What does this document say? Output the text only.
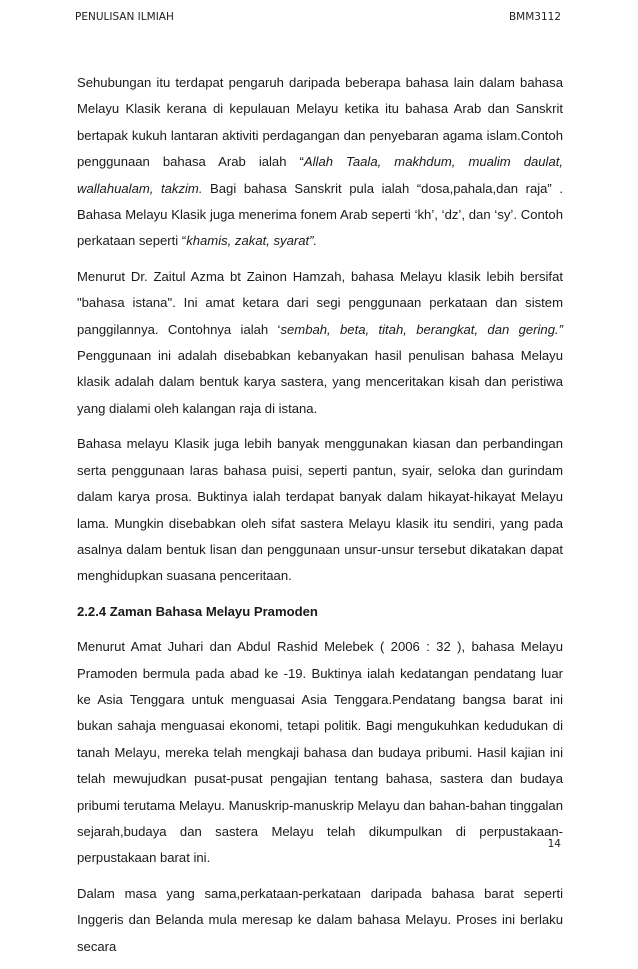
PENULISAN ILMIAH	BMM3112

Sehubungan itu terdapat pengaruh daripada beberapa bahasa lain dalam bahasa Melayu Klasik kerana di kepulauan Melayu ketika itu bahasa Arab dan Sanskrit bertapak kukuh lantaran aktiviti perdagangan dan penyebaran agama islam.Contoh penggunaan bahasa Arab ialah “Allah Taala, makhdum, mualim daulat, wallahualam, takzim. Bagi bahasa Sanskrit pula ialah “dosa,pahala,dan raja” . Bahasa Melayu Klasik juga menerima fonem Arab seperti ‘kh’, ‘dz’, dan ‘sy’. Contoh perkataan seperti “khamis, zakat, syarat”.

Menurut Dr. Zaitul Azma bt Zainon Hamzah, bahasa Melayu klasik lebih bersifat "bahasa istana". Ini amat ketara dari segi penggunaan perkataan dan sistem panggilannya. Contohnya ialah ‘sembah, beta, titah, berangkat, dan gering.” Penggunaan ini adalah disebabkan kebanyakan hasil penulisan bahasa Melayu klasik adalah dalam bentuk karya sastera, yang menceritakan kisah dan peristiwa yang dialami oleh kalangan raja di istana.

Bahasa melayu Klasik juga lebih banyak menggunakan kiasan dan perbandingan serta penggunaan laras bahasa puisi, seperti pantun, syair, seloka dan gurindam dalam karya prosa. Buktinya ialah terdapat banyak dalam hikayat-hikayat Melayu lama. Mungkin disebabkan oleh sifat sastera Melayu klasik itu sendiri, yang pada asalnya dalam bentuk lisan dan penggunaan unsur-unsur tersebut dikatakan dapat menghidupkan suasana penceritaan.

2.2.4 Zaman Bahasa Melayu Pramoden

Menurut Amat Juhari dan Abdul Rashid Melebek ( 2006 : 32 ), bahasa Melayu Pramoden bermula pada abad ke -19. Buktinya ialah kedatangan pendatang luar ke Asia Tenggara untuk menguasai Asia Tenggara.Pendatang bangsa barat ini bukan sahaja menguasai ekonomi, tetapi politik. Bagi mengukuhkan kedudukan di tanah Melayu, mereka telah mengkaji bahasa dan budaya pribumi. Hasil kajian ini telah mewujudkan pusat-pusat pengajian tentang bahasa, sastera dan budaya pribumi terutama Melayu. Manuskrip-manuskrip Melayu dan bahan-bahan tinggalan sejarah,budaya dan sastera Melayu telah dikumpulkan di perpustakaan-perpustakaan barat ini.

Dalam masa yang sama,perkataan-perkataan daripada bahasa barat seperti Inggeris dan Belanda mula meresap ke dalam bahasa Melayu. Proses ini berlaku secara

14
